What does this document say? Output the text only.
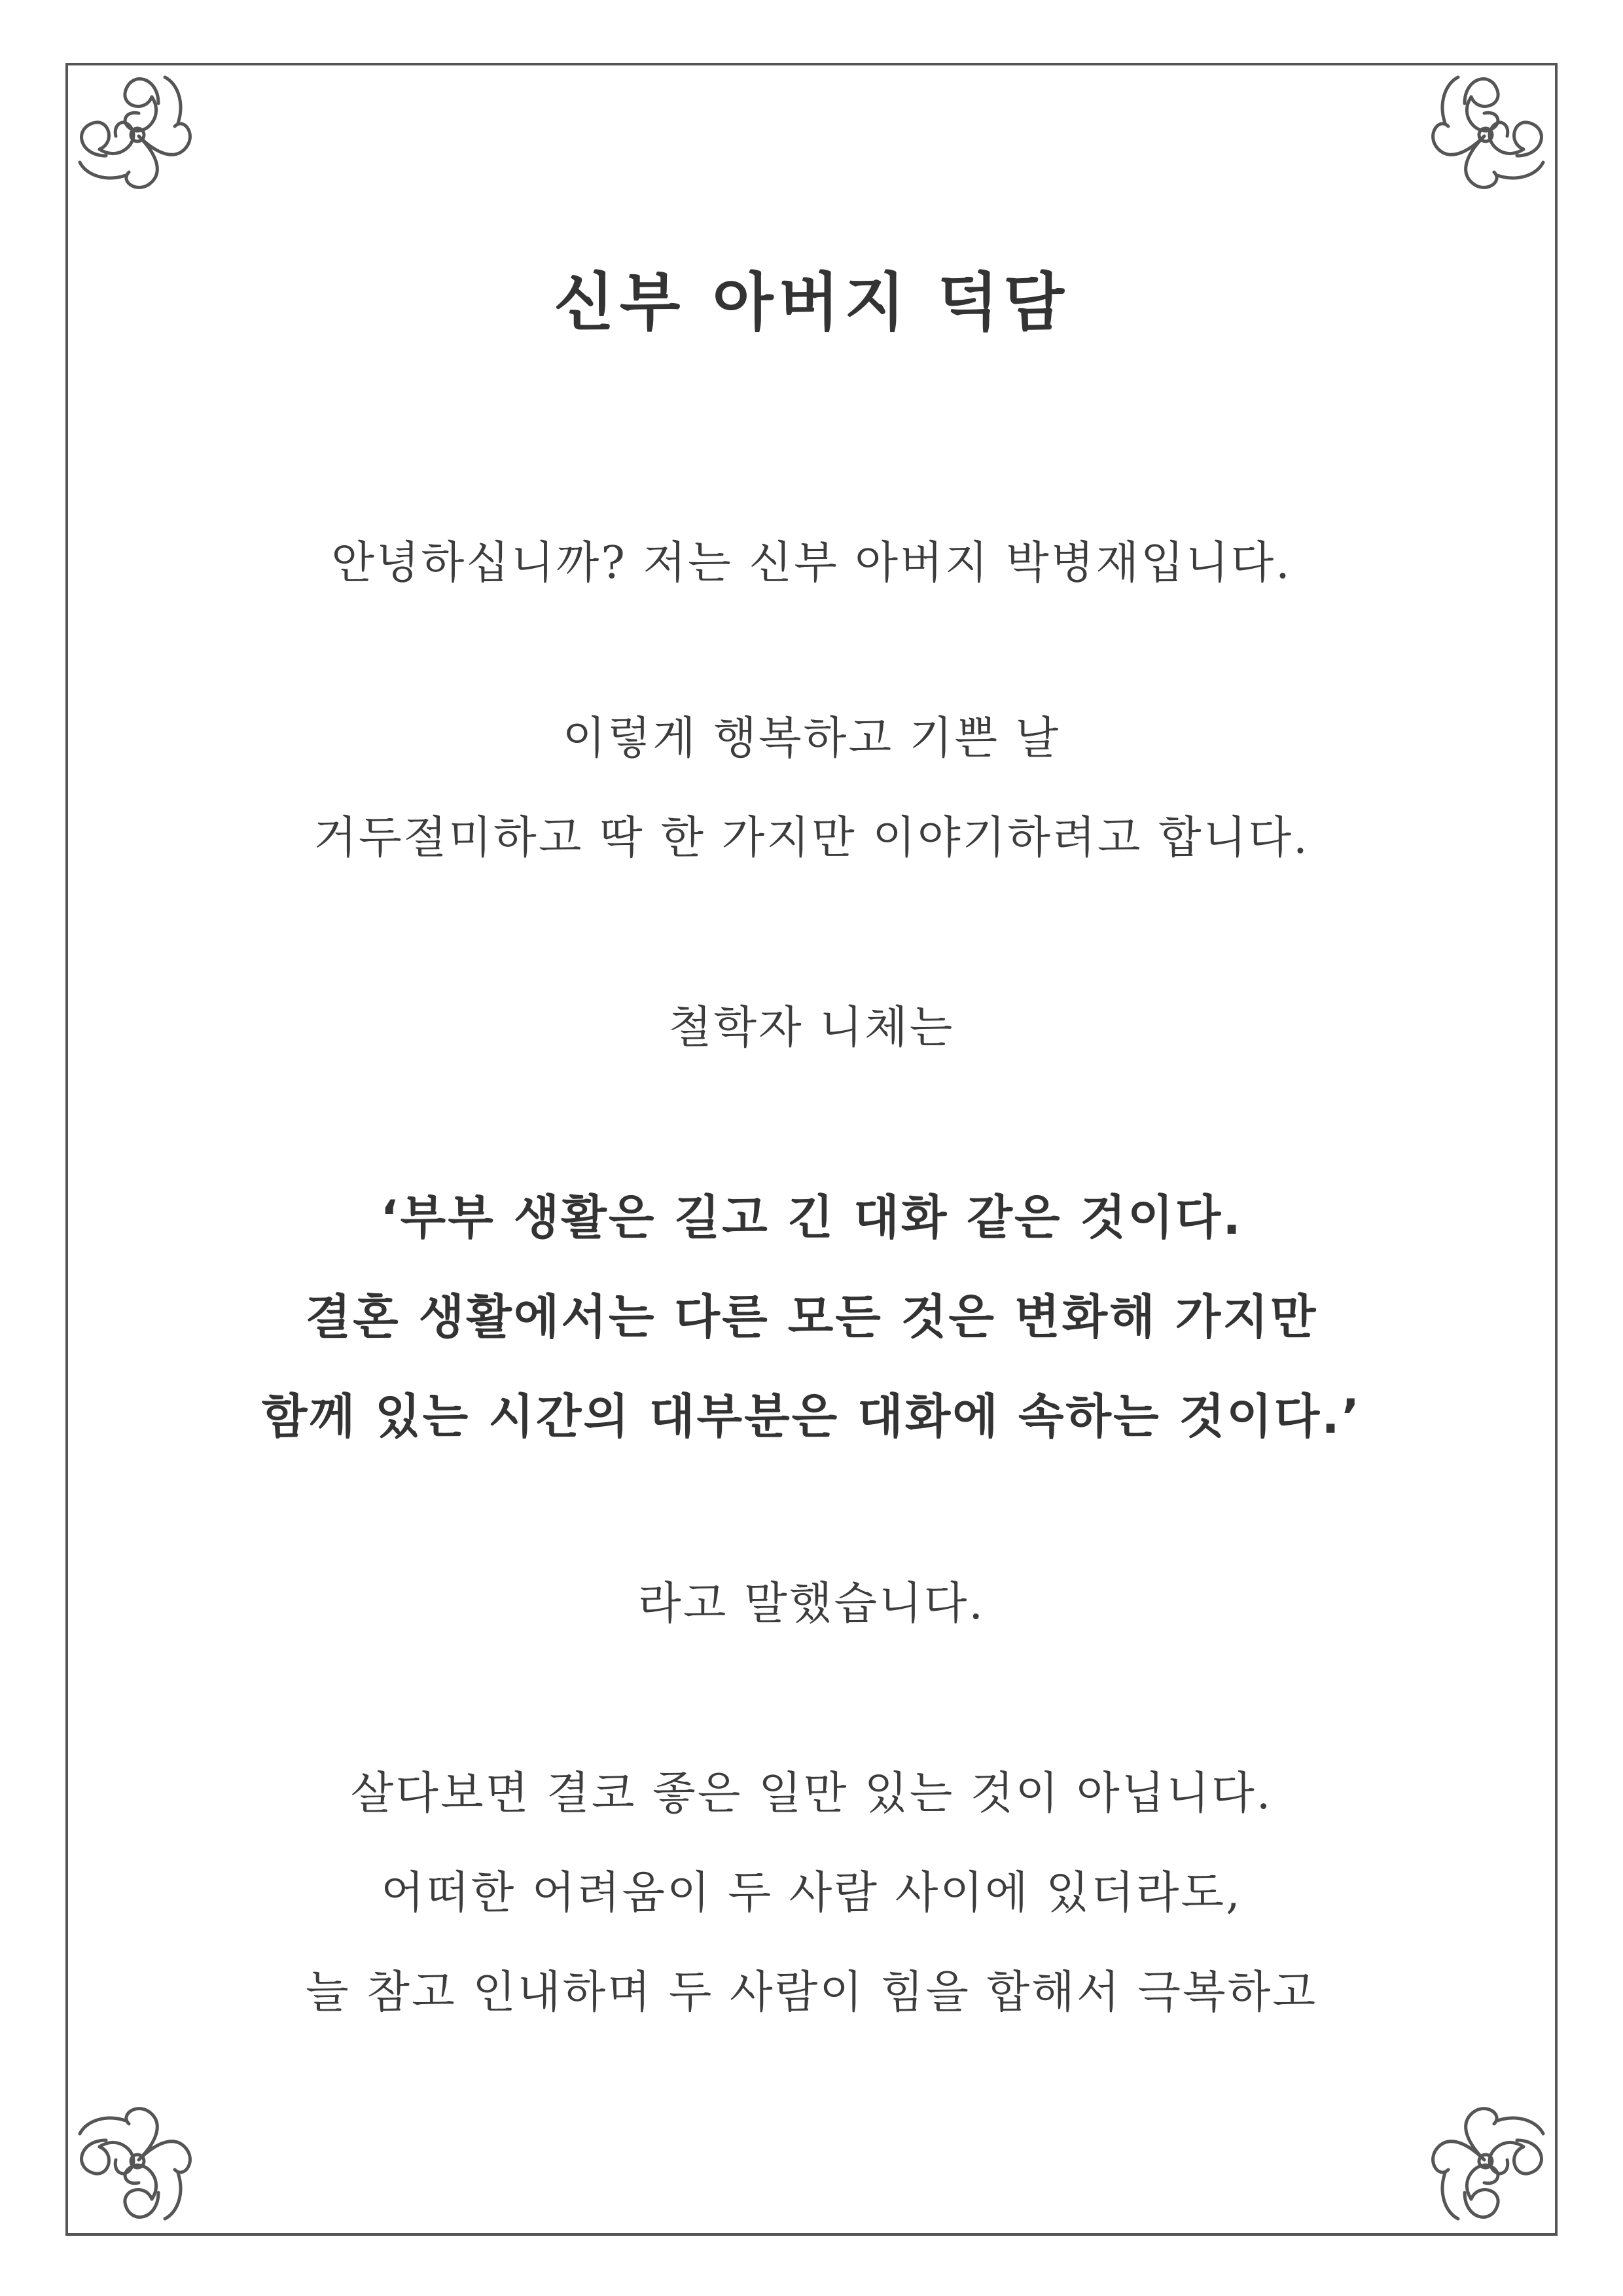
신부 아버지 덕담
안녕하십니까? 저는 신부 아버지 박병재입니다.
이렇게 행복하고 기쁜 날
거두절미하고 딱 한 가지만 이야기하려고 합니다.
철학자 니체는
‘부부 생활은 길고 긴 대화 같은 것이다.
결혼 생활에서는 다른 모든 것은 변화해 가지만
함께 있는 시간의 대부분은 대화에 속하는 것이다.’
라고 말했습니다.
살다보면 결코 좋은 일만 있는 것이 아닙니다.
어떠한 어려움이 두 사람 사이에 있더라도,
늘 참고 인내하며 두 사람이 힘을 합해서 극복하고
